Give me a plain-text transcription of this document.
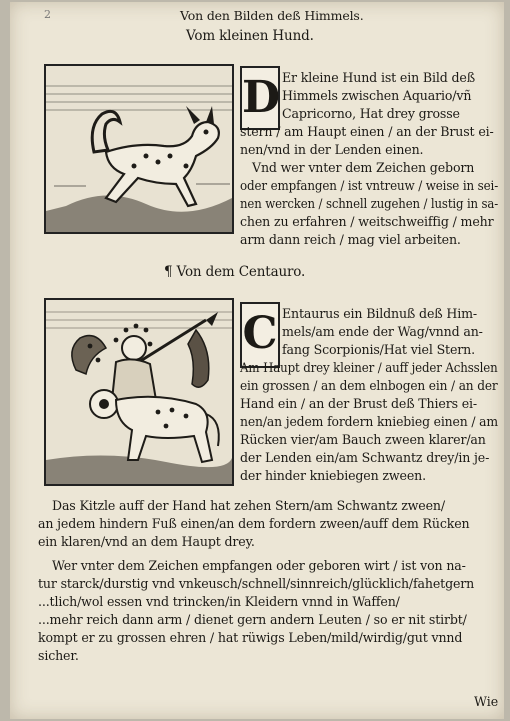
2	Von den Bilden deß Himmels.
Vom kleinen Hund.
D Er kleine Hund ist ein Bild deß
Himmels zwischen Aquario/vñ
Capricorno, Hat drey grosse
stern / am Haupt einen / an der Brust ei-
nen/vnd in der Lenden einen.
Vnd wer vnter dem Zeichen geborn
oder empfangen / ist vntreuw / weise in sei-
nen wercken / schnell zugehen / lustig in sa-
chen zu erfahren / weitschweiffig / mehr
arm dann reich / mag viel arbeiten.
¶ Von dem Centauro.
C Entaurus ein Bildnuß deß Him-
mels/am ende der Wag/vnnd an-
fang Scorpionis/Hat viel Stern.
Am Haupt drey kleiner / auff jeder Achsslen
ein grossen / an dem elnbogen ein / an der
Hand ein / an der Brust deß Thiers ei-
nen/an jedem fordern kniebieg einen / am
Rücken vier/am Bauch zween klarer/an
der Lenden ein/am Schwantz drey/in je-
der hinder kniebiegen zween.
Das Kitzle auff der Hand hat zehen Stern/am Schwantz zween/
an jedem hindern Fuß einen/an dem fordern zween/auff dem Rücken
ein klaren/vnd an dem Haupt drey.
Wer vnter dem Zeichen empfangen oder geboren wirt / ist von na-
tur starck/durstig vnd vnkeusch/schnell/sinnreich/glücklich/fahetgern
...tlich/wol essen vnd trincken/in Kleidern vnnd in Waffen/
...mehr reich dann arm / dienet gern andern Leuten / so er nit stirbt/
kompt er zu grossen ehren / hat rüwigs Leben/mild/wirdig/gut vnnd
sicher.
Wie
